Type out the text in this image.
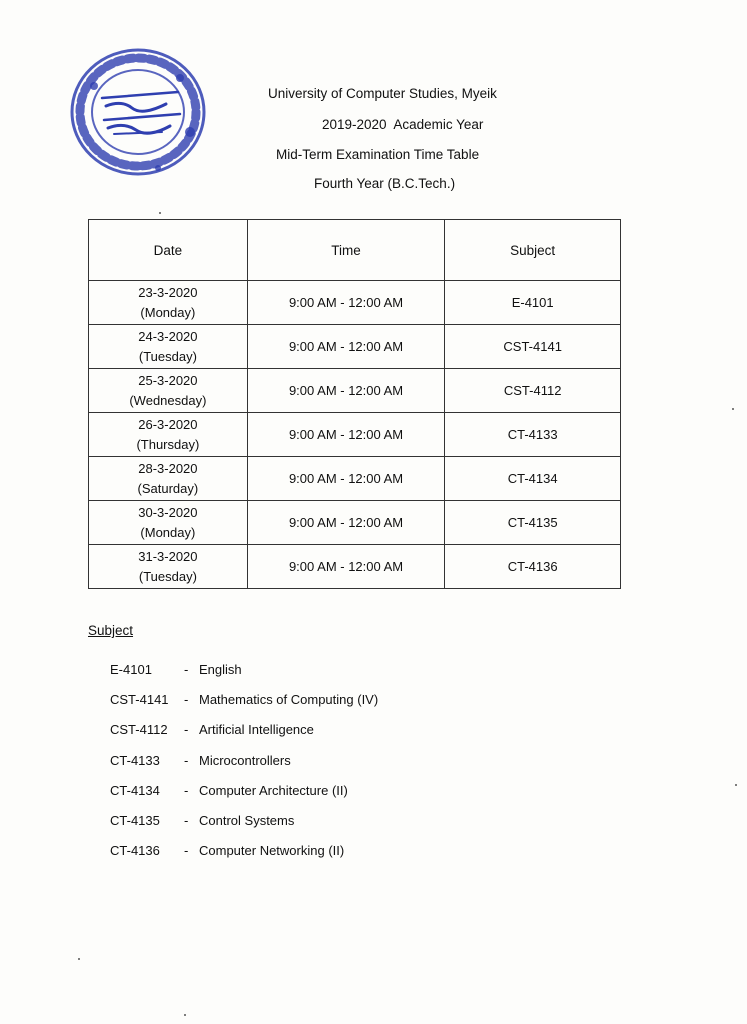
University of Computer Studies, Myeik
2019-2020  Academic Year
Mid-Term Examination Time Table
Fourth Year (B.C.Tech.)
Date	Time	Subject

23-3-2020
(Monday)	9:00 AM - 12:00 AM	E-4101

24-3-2020
(Tuesday)	9:00 AM - 12:00 AM	CST-4141

25-3-2020
(Wednesday)	9:00 AM - 12:00 AM	CST-4112

26-3-2020
(Thursday)	9:00 AM - 12:00 AM	CT-4133

28-3-2020
(Saturday)	9:00 AM - 12:00 AM	CT-4134

30-3-2020
(Monday)	9:00 AM - 12:00 AM	CT-4135

31-3-2020
(Tuesday)	9:00 AM - 12:00 AM	CT-4136
Subject
E-4101 - English
CST-4141 - Mathematics of Computing (IV)
CST-4112 - Artificial Intelligence
CT-4133 - Microcontrollers
CT-4134 - Computer Architecture (II)
CT-4135 - Control Systems
CT-4136 - Computer Networking (II)
